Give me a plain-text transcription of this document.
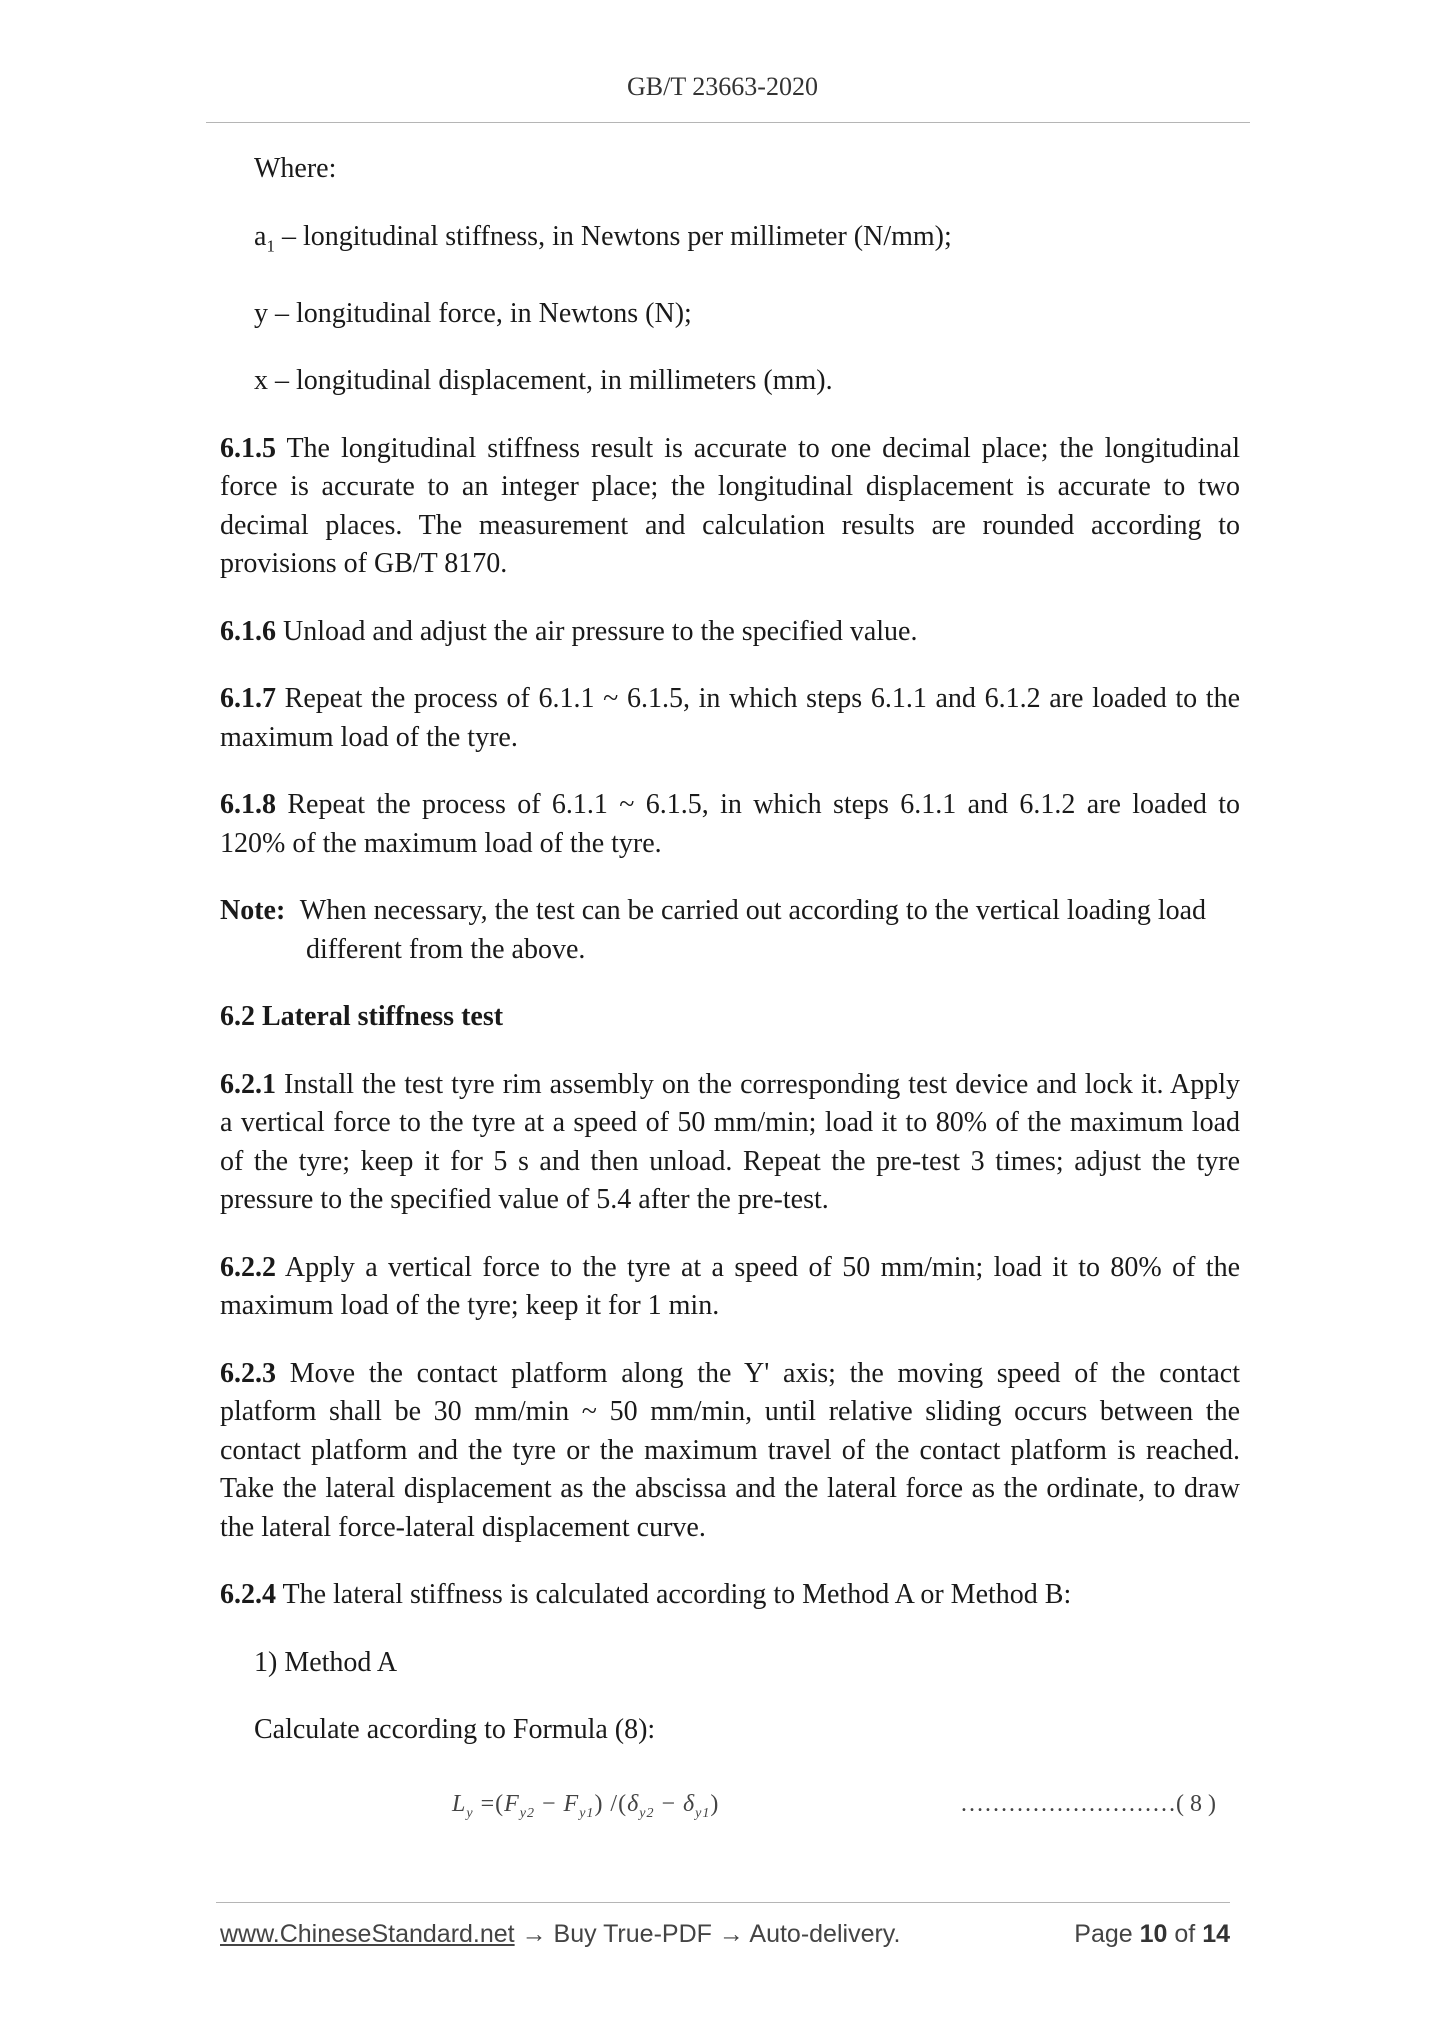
GB/T 23663-2020

Where:

$a_1$ – longitudinal stiffness, in Newtons per millimeter (N/mm);

y – longitudinal force, in Newtons (N);

x – longitudinal displacement, in millimeters (mm).

6.1.5 The longitudinal stiffness result is accurate to one decimal place; the longitudinal force is accurate to an integer place; the longitudinal displacement is accurate to two decimal places. The measurement and calculation results are rounded according to provisions of GB/T 8170.

6.1.6 Unload and adjust the air pressure to the specified value.

6.1.7 Repeat the process of 6.1.1 ~ 6.1.5, in which steps 6.1.1 and 6.1.2 are loaded to the maximum load of the tyre.

6.1.8 Repeat the process of 6.1.1 ~ 6.1.5, in which steps 6.1.1 and 6.1.2 are loaded to 120% of the maximum load of the tyre.

Note: When necessary, the test can be carried out according to the vertical loading load
different from the above.

6.2 Lateral stiffness test

6.2.1 Install the test tyre rim assembly on the corresponding test device and lock it. Apply a vertical force to the tyre at a speed of 50 mm/min; load it to 80% of the maximum load of the tyre; keep it for 5 s and then unload. Repeat the pre-test 3 times; adjust the tyre pressure to the specified value of 5.4 after the pre-test.

6.2.2 Apply a vertical force to the tyre at a speed of 50 mm/min; load it to 80% of the maximum load of the tyre; keep it for 1 min.

6.2.3 Move the contact platform along the Y' axis; the moving speed of the contact platform shall be 30 mm/min ~ 50 mm/min, until relative sliding occurs between the contact platform and the tyre or the maximum travel of the contact platform is reached. Take the lateral displacement as the abscissa and the lateral force as the ordinate, to draw the lateral force-lateral displacement curve.

6.2.4 The lateral stiffness is calculated according to Method A or Method B:

1) Method A

Calculate according to Formula (8):

$L_y =(F_{y2} - F_{y1}) /(\delta_{y2} - \delta_{y1})$	………………………( 8 )
www.ChineseStandard.net → Buy True-PDF → Auto-delivery.	Page 10 of 14
